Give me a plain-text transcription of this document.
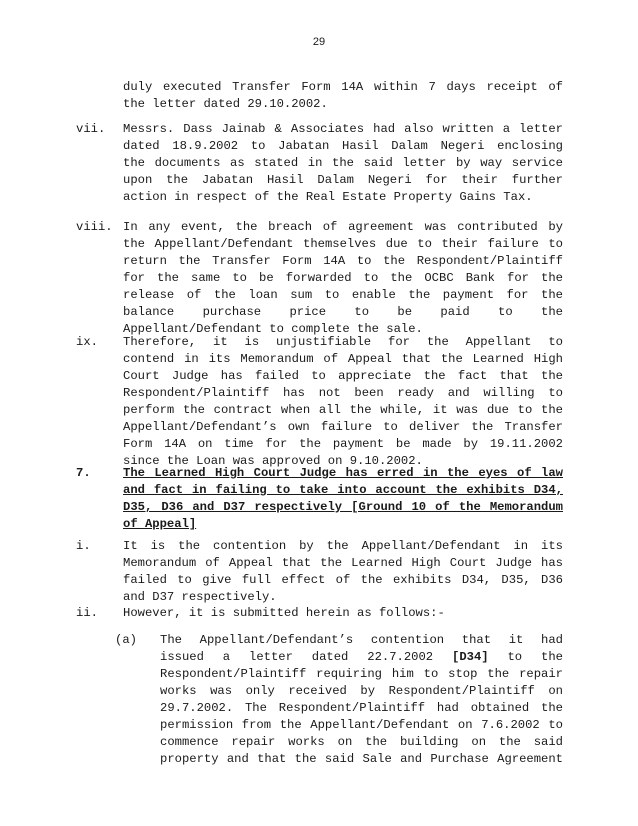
29
duly executed Transfer Form 14A within 7 days receipt of
the letter dated 29.10.2002.
vii. Messrs. Dass Jainab & Associates had also written a letter
dated 18.9.2002 to Jabatan Hasil Dalam Negeri enclosing
the documents as stated in the said letter by way service
upon the Jabatan Hasil Dalam Negeri for their further
action in respect of the Real Estate Property Gains Tax.
viii. In any event, the breach of agreement was contributed by
the Appellant/Defendant themselves due to their failure to
return the Transfer Form 14A to the Respondent/Plaintiff
for the same to be forwarded to the OCBC Bank for the
release of the loan sum to enable the payment for the
balance purchase price to be paid to the
Appellant/Defendant to complete the sale.
ix. Therefore, it is unjustifiable for the Appellant to
contend in its Memorandum of Appeal that the Learned High
Court Judge has failed to appreciate the fact that the
Respondent/Plaintiff has not been ready and willing to
perform the contract when all the while, it was due to the
Appellant/Defendant’s own failure to deliver the Transfer
Form 14A on time for the payment be made by 19.11.2002
since the Loan was approved on 9.10.2002.
7.	The Learned High Court Judge has erred in the eyes of law
and fact in failing to take into account the exhibits D34,
D35, D36 and D37 respectively [Ground 10 of the Memorandum
of Appeal]
i.	It is the contention by the Appellant/Defendant in its
Memorandum of Appeal that the Learned High Court Judge has
failed to give full effect of the exhibits D34, D35, D36
and D37 respectively.
ii. However, it is submitted herein as follows:-
(a) The Appellant/Defendant’s contention that it had
issued a letter dated 22.7.2002 [D34] to the
Respondent/Plaintiff requiring him to stop the repair
works was only received by Respondent/Plaintiff on
29.7.2002. The Respondent/Plaintiff had obtained the
permission from the Appellant/Defendant on 7.6.2002 to
commence repair works on the building on the said
property and that the said Sale and Purchase Agreement
